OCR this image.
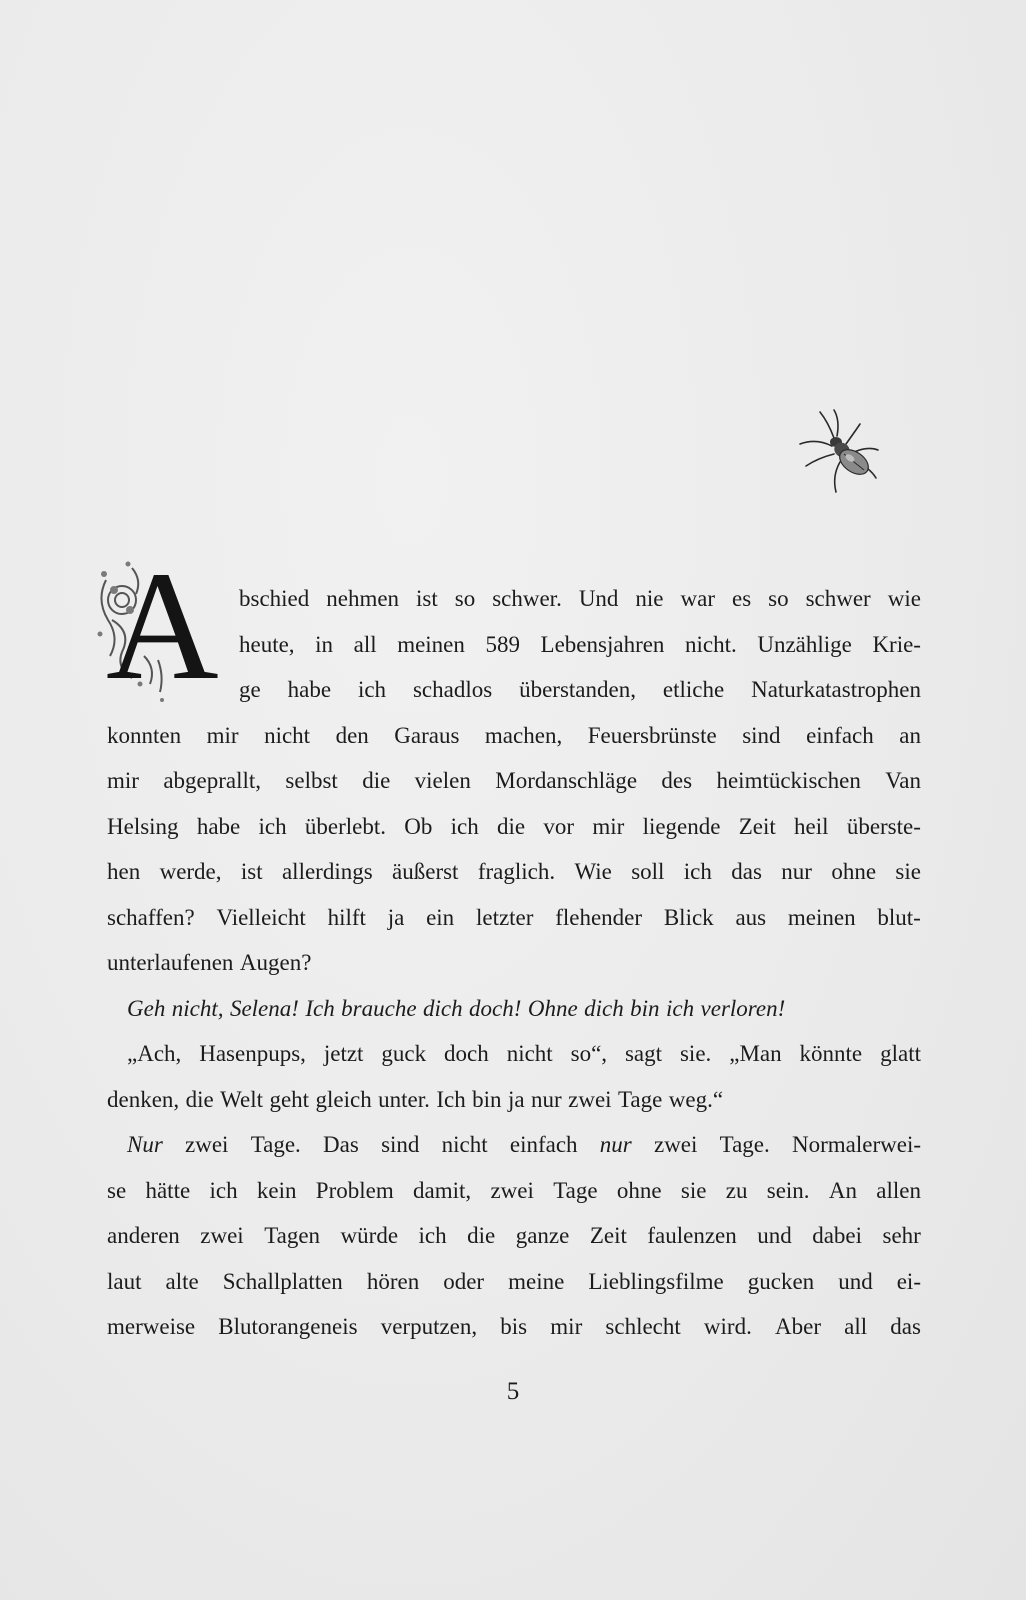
A bschied nehmen ist so schwer. Und nie war es so schwer wie
heute, in all meinen 589 Lebensjahren nicht. Unzählige Krie-
ge habe ich schadlos überstanden, etliche Naturkatastrophen
konnten mir nicht den Garaus machen, Feuersbrünste sind einfach an
mir abgeprallt, selbst die vielen Mordanschläge des heimtückischen Van
Helsing habe ich überlebt. Ob ich die vor mir liegende Zeit heil überste-
hen werde, ist allerdings äußerst fraglich. Wie soll ich das nur ohne sie
schaffen? Vielleicht hilft ja ein letzter flehender Blick aus meinen blut-
unterlaufenen Augen?
Geh nicht, Selena! Ich brauche dich doch! Ohne dich bin ich verloren!
„Ach, Hasenpups, jetzt guck doch nicht so“, sagt sie. „Man könnte glatt
denken, die Welt geht gleich unter. Ich bin ja nur zwei Tage weg.“
Nur zwei Tage. Das sind nicht einfach nur zwei Tage. Normalerwei-
se hätte ich kein Problem damit, zwei Tage ohne sie zu sein. An allen
anderen zwei Tagen würde ich die ganze Zeit faulenzen und dabei sehr
laut alte Schallplatten hören oder meine Lieblingsfilme gucken und ei-
merweise Blutorangeneis verputzen, bis mir schlecht wird. Aber all das
5
